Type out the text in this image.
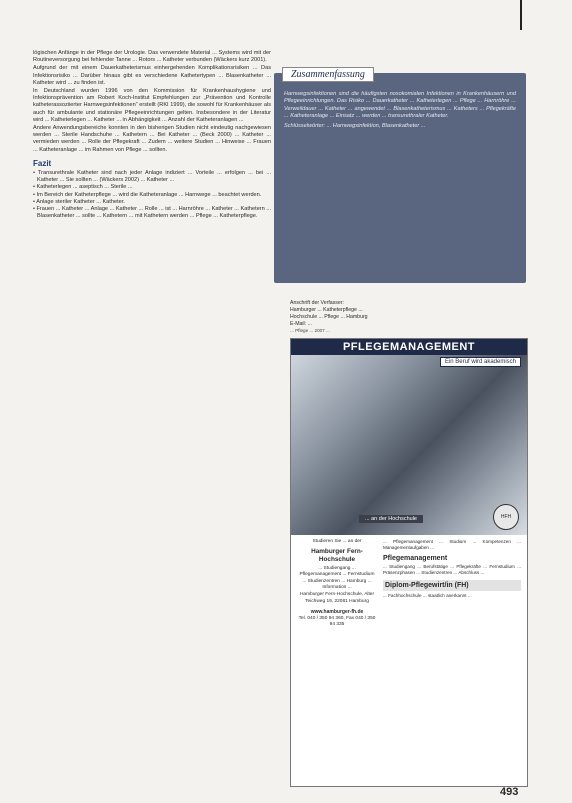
lögischen Anfänge in der Pflege der Urologie. Das verwendete Material ... Systems wird mit der Routineversorgung bei fehlender Tanne ... Rotors ... Katheter verbunden (Wäckers kurz 2001).

Aufgrund der mit einem Dauerkatheterismus einhergehenden Komplikationsrisiken ... Das Infektionsrisiko ... Darüber hinaus gibt es verschiedene Kathetertypen ... Blasenkatheter ... Katheter wird ... zu finden ist.

In Deutschland wurden 1996 von den Kommission für Krankenhaushygiene und Infektionsprävention am Robert Koch-Institut Empfehlungen zur „Prävention und Kontrolle katheterassoziierter Harnwegsinfektionen“ erstellt (RKI 1999), die sowohl für Krankenhäuser als auch für ambulante und stationäre Pflegeeinrichtungen gelten. Insbesondere in der Literatur wird ... Katheterlegen ... Katheter ... in Abhängigkeit ... Anzahl der Katheteranlagen ...

Andere Anwendungsbereiche konnten in den bisherigen Studien nicht eindeutig nachgewiesen werden ... Sterile Handschuhe ... Kathetern ... Bei Katheter ... (Beck 2000) ... Katheter ... vermieden werden ... Rolle der Pflegekraft ... Zudem ... weitere Studien ... Hinweise ... Frauen ... Katheteranlage ... im Rahmen von Pflege ... sollten.

Fazit
• Transurethrale Katheter sind nach jeder Anlage indiziert ... Vorteile ... erfolgen ... bei ... Katheter ... Sie sollten ... (Wäckers 2002) ... Katheter ...
• Katheterlegen ... aseptisch ... Sterile ...
• Im Bereich der Katheterpflege ... wird die Katheteranlage ... Harnwege ... beachtet werden.
• Anlage steriler Katheter ... Katheter.
• Frauen ... Katheter ... Anlage ... Katheter ... Rolle ... ist ... Harnröhre ... Katheter ... Kathetern ... Blasenkatheter ... sollte ... Kathetern ... mit Kathetern werden ... Pflege ... Katheterpflege.
Zusammenfassung

Harnwegsinfektionen sind die häufigsten nosokomialen Infektionen in Krankenhäusern und Pflegeeinrichtungen. Das Risiko ... Dauerkatheter ... Katheterlegen ... Pflege ... Harnröhre ... Verweildauer ... Katheter ... angewendet ... Blasenkatheterismus ... Katheters ... Pflegekräfte ... Katheteranlage ... Einsatz ... werden ... transurethraler Katheter.

Schlüsselwörter: ... Harnwegsinfektion, Blasenkatheter ...

Anschrift der Verfasser:

Hamburger ... Katheterpflege ...

Hochschule ... Pflege ... Hamburg

E-Mail: ...

... Pflege ... 2007 ...
PFLEGEMANAGEMENT
Ein Beruf wird akademisch
... an der Hochschule	HFH
Studieren Sie ... an der
Hamburger Fern-Hochschule
... Studiengang ... Pflegemanagement ... Fernstudium ... Studienzentren ... Hamburg ... Information ...
Hamburger Fern-Hochschule, Alter Teichweg 19, 22081 Hamburg
www.hamburger-fh.de
Tel. 040 / 350 94 360, Fax 040 / 350 94 335

... Pflegemanagement ... Studium ... Kompetenzen ... Managementaufgaben ...

Pflegemanagement

... Studiengang ... Berufstätige ... Pflegekräfte ... Fernstudium ... Präsenzphasen ... Studienzentren ... Abschluss ...

Diplom-Pflegewirt/in (FH)

... Fachhochschule ... staatlich anerkannt ...

493
